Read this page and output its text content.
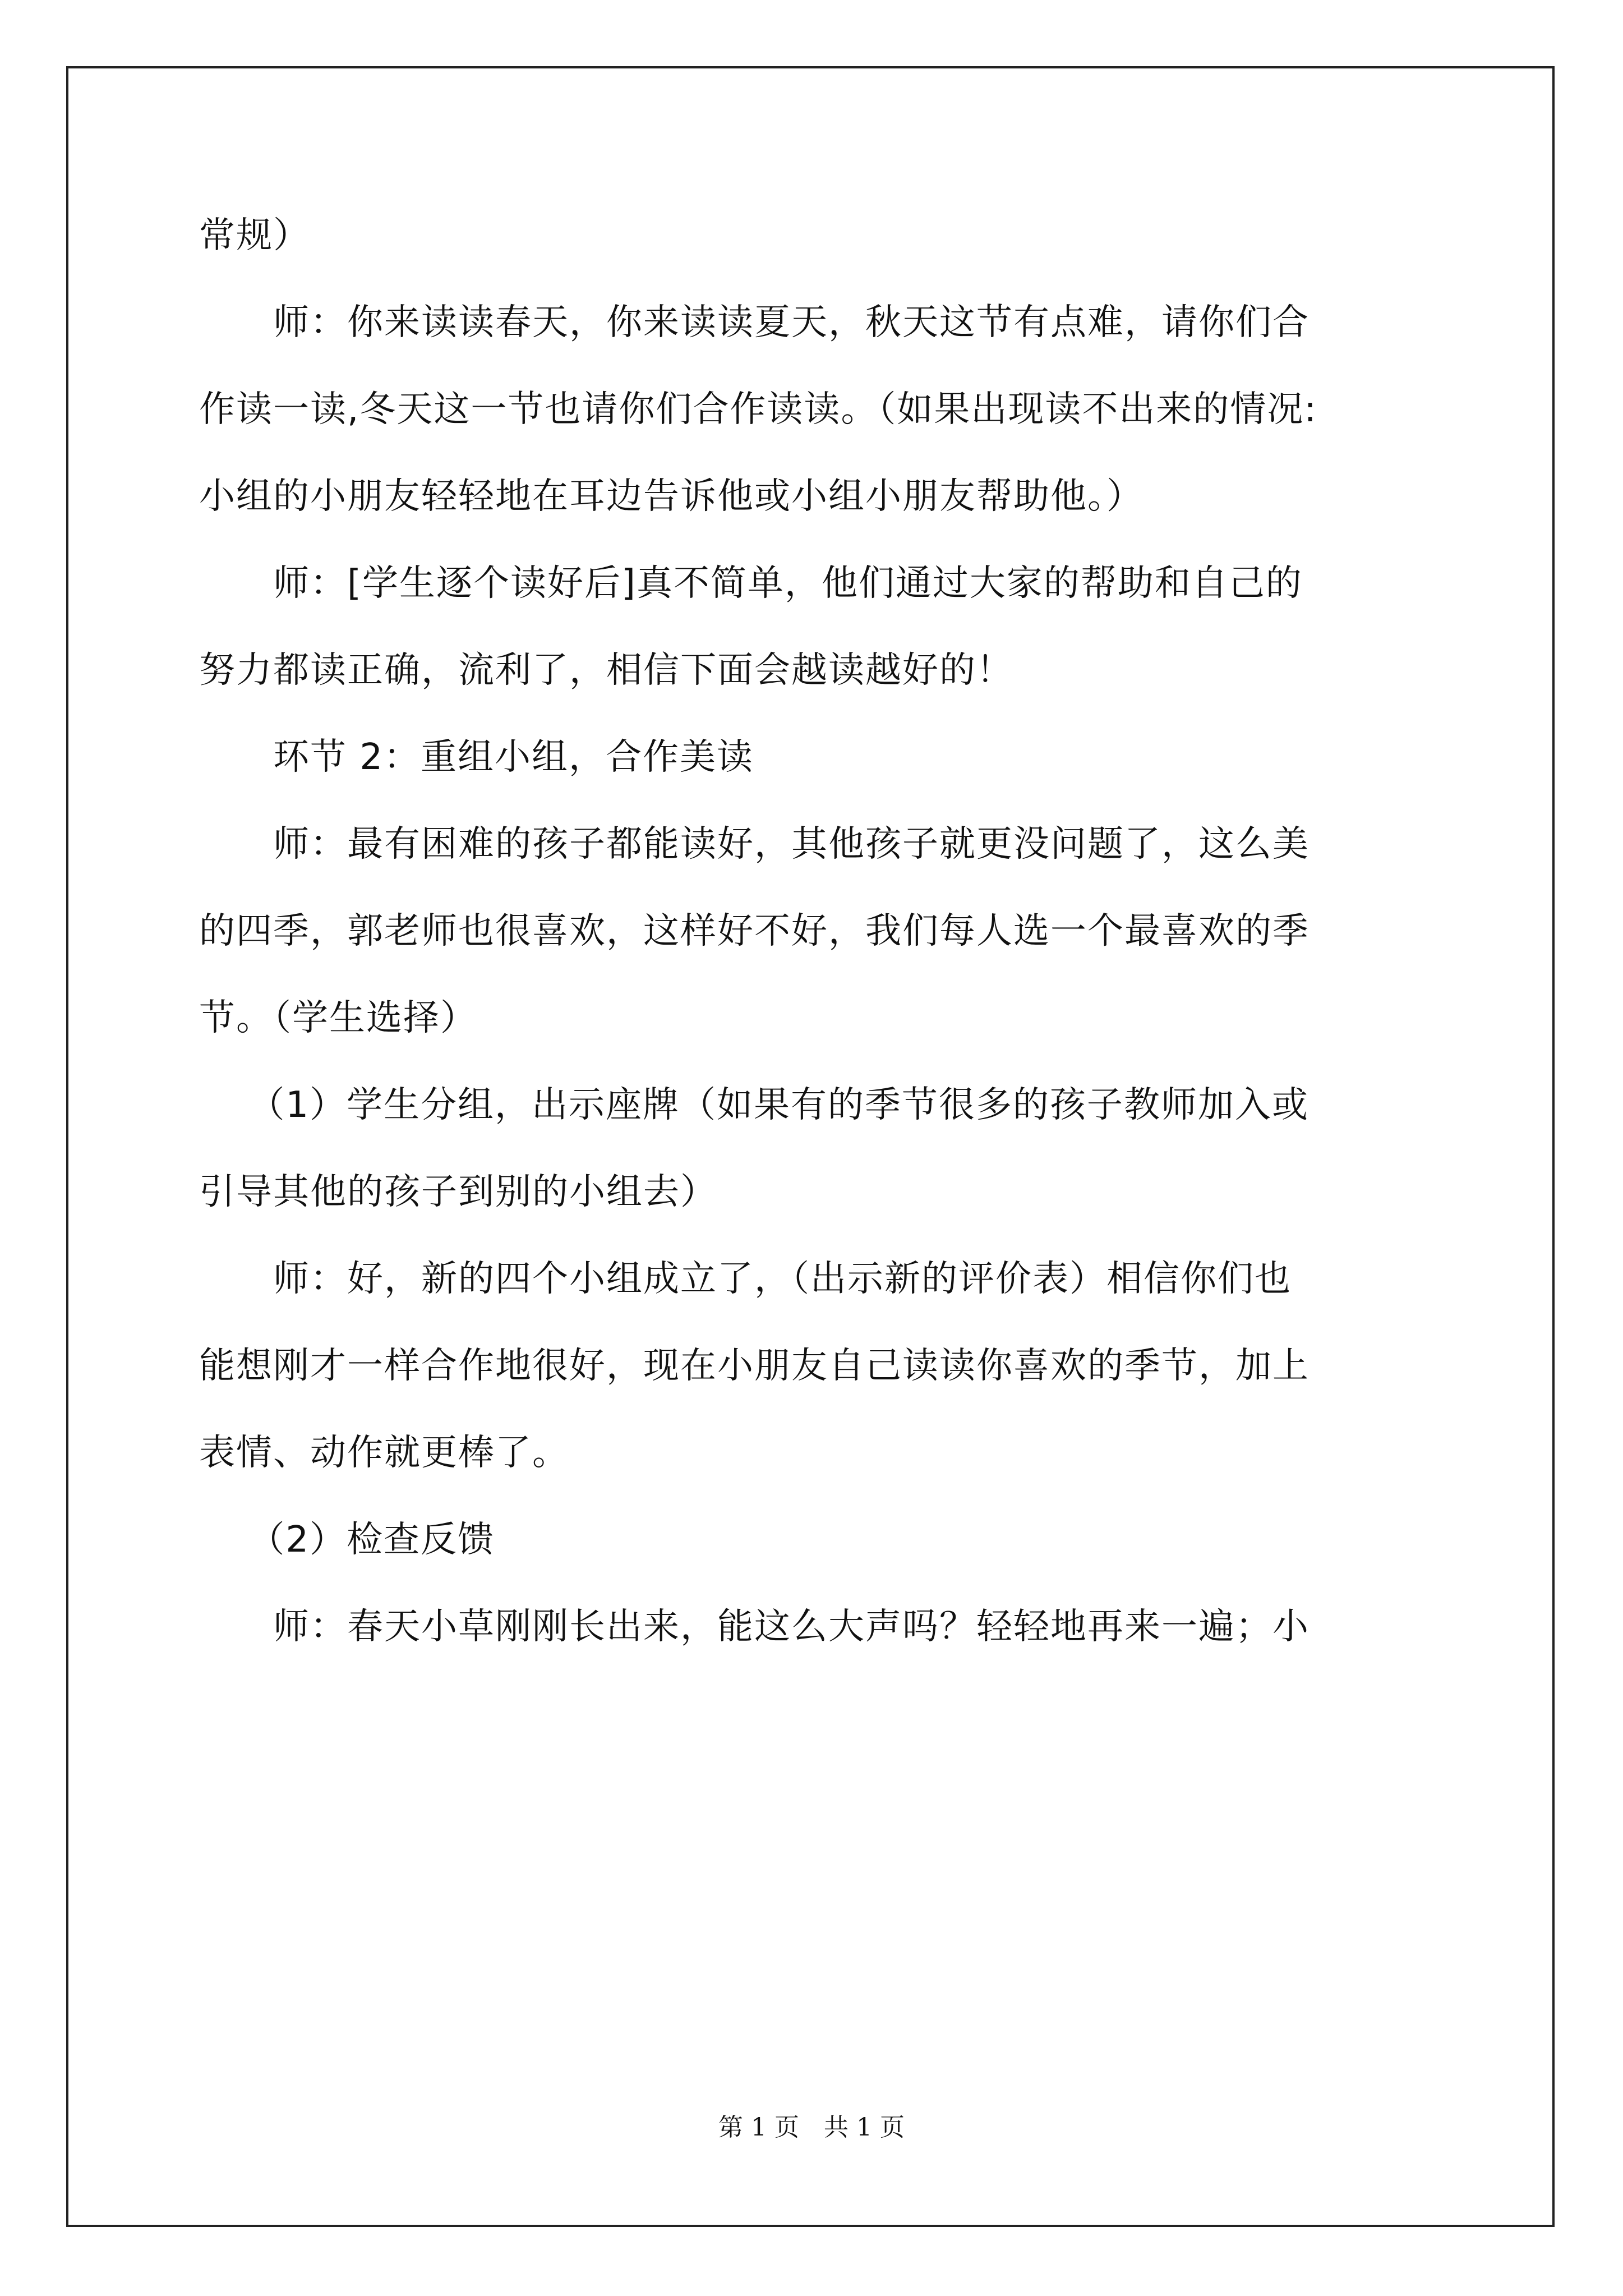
常规）
　　师：你来读读春天，你来读读夏天，秋天这节有点难，请你们合
作读一读,冬天这一节也请你们合作读读。（如果出现读不出来的情况:
小组的小朋友轻轻地在耳边告诉他或小组小朋友帮助他。）
　　师：[学生逐个读好后]真不简单，他们通过大家的帮助和自己的
努力都读正确，流利了，相信下面会越读越好的！
　　环节 2：重组小组，合作美读
　　师：最有困难的孩子都能读好，其他孩子就更没问题了，这么美
的四季，郭老师也很喜欢，这样好不好，我们每人选一个最喜欢的季
节。（学生选择）
　 （1）学生分组，出示座牌（如果有的季节很多的孩子教师加入或
引导其他的孩子到别的小组去）
　　师：好，新的四个小组成立了，（出示新的评价表）相信你们也
能想刚才一样合作地很好，现在小朋友自己读读你喜欢的季节，加上
表情、动作就更棒了。
　 （2）检查反馈
　　师：春天小草刚刚长出来，能这么大声吗？轻轻地再来一遍；小
第 1 页　共 1 页
